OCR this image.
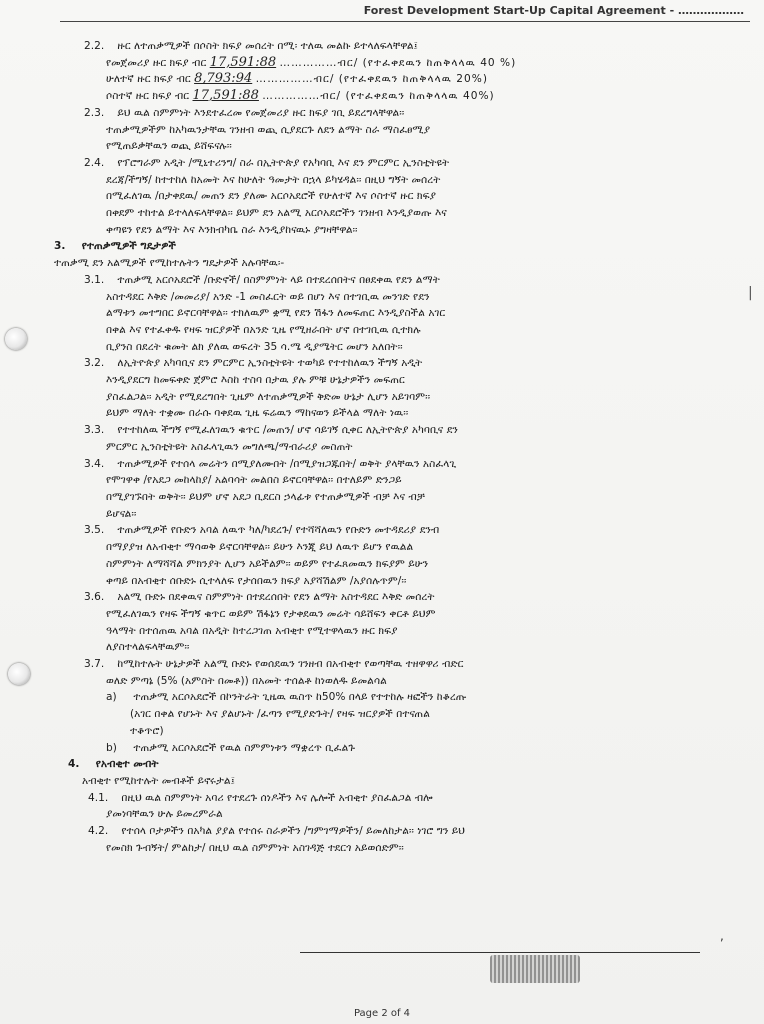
Forest Development Start-Up Capital Agreement - ………………
|
2.2. ዙር ለተጠቃሚዎች በሶስት ክፍያ መሰረት በሚ፡ ተለዉ መልኩ ይተላለፍላቸዋል፤
የመጀመሪያ ዙር ክፍያ ብር 17,591:88 ……………ብር/ (የተፈቀደዉን ከጠቅላላዉ 40 %)
ሁለተኛ ዙር ክፍያ ብር 8,793:94 ……………ብር/ (የተፈቀደዉን ከጠቅላላዉ 20%)
ሶስተኛ ዙር ክፍያ ብር 17,591:88 ……………ብር/ (የተፈቀደዉን ከጠቅላላዉ 40%)
2.3. ይህ ዉል ስምምነት እንደተፈረመ የመጀመሪያ ዙር ክፍያ ገቢ ይደረግላቸዋል፡፡
ተጠቃሚዎችም ከአካዉንታቸዉ ገንዘብ ወጪ ሲያደርጉ ለደን ልማት ስራ ማስፈፀሚያ
የሚጠይቃቸዉን ወጪ ይሸፍናሉ፡፡
2.4. የፕሮግራም አዲት /ሚኒተሪንግ/ ስራ በኢትዮጵያ የአካባቢ እና ደን ምርምር ኢንስቲትዩት
ደረጃ/ችግኝ/ ከተተከለ ከአመት እና ከሁለት ዓመታት በኋላ ይካሄዳል፡፡ በዚህ ግኝት መሰረት
በሚፈለገዉ /በታቀደዉ/ መጠን ደን ያለሙ አርሶአደሮች የሁለተኛ እና ሶስተኛ ዙር ክፍያ
በቀደም ተከተል ይተላለፍላቸዋል፡፡ ይህም ደን አልሚ አርሶአደሮችን ገንዘብ እንዲያወጡ እና
ቀጣዩን የደን ልማት እና እንክብካቤ ስራ እንዲያከናዉኑ ያግዛቸዋል፡፡
3. የተጠቃሚዎች ግዴታዎች
ተጠቃሚ ደን አልሚዎች የሚከተሉትን ግዴታዎች አሉባቸዉ፡-
3.1. ተጠቃሚ አርሶአደሮች /ቡድኖች/ በስምምነት ላይ በተደረሰበትና በፀደቀዉ የደን ልማት
አስተዳደር እቅድ /መመሪያ/ አንድ -1 መስፈርት ወይ በሆነ እና በተገቢዉ መንገድ የደን
ልማቱን መተግበር ይኖርባቸዋል፡፡ ተክለዉም ቋሚ የደን ሽፋን ለመፍጠር እንዲያስችል አገር
በቀል እና የተፈቀዱ የዛፍ ዝርያዎች በአንድ ጊዜ የሚዘራበት ሆኖ በተገቢዉ ሲተክሉ
ቢያንስ በደረት ቁመት ልክ ያለዉ ወፍረት 35 ሳ.ሜ ዲያሜትር መሆን አለበት፡፡
3.2. ለኢትዮጵያ አካባቢና ደን ምርምር ኢንስቲትዩት ተወካይ የተተከለዉን ችግኝ አዲት
እንዲያደርግ ከመፍቀድ ጀምሮ እስከ ተስባ በታዉ ያሉ ምቹ ሁኔታዎችን መፍጠር
ያስፈልጋል፡፡ አዲት የሚደረግበት ጊዜም ለተጠቃሚዎች ቅድመ ሁኔታ ሊሆን አይገባም፡፡
ይህም ማለት ተቋሙ በራሱ ባቀደዉ ጊዜ ፍሬዉን ማከናወን ይችላል ማለት ነዉ፡፡
3.3. የተተከለዉ ችግኝ የሚፈለገዉን ቁጥር /መጠን/ ሆኖ ሳይገኝ ሲቀር ለኢትዮጵያ አካባቢና ደን
ምርምር ኢንስቲትዩት አስፈላጊዉን መግለጫ/ማብራሪያ መስጠት
3.4. ተጠቃሚዎች የተሰላ መሬትን በሚያለሙበት /በሚያዝጋጁበት/ ወቅት ያላቸዉን አስፈላጊ
የሞገዋቀ /የአደጋ መከላከያ/ አልባሳት መልበስ ይኖርባቸዋል፡፡ በተለይም ድንጋይ
በሚያገኙበት ወቅት፡፡ ይህም ሆኖ አደጋ ቢደርስ ኃላፊቱ የተጠቃሚዎች ብቻ እና ብቻ
ይሆናል፡፡
3.5. ተጠቃሚዎች የቡድን አባል ለዉጥ ካለ/ካደረጉ/ የተሻሻለዉን የቡድን መተዳደሪያ ደንብ
በማያያዝ ለአብቂተ ማሳወቅ ይኖርባቸዋል፡፡ ይሁን እንጂ ይህ ለዉጥ ይሆን የዉልል
ስምምነት ለማሻሻል ምክንያት ሊሆን አይችልም፡፡ ወይም የተፈጸመዉን ክፍያም ይሁን
ቀጣይ በአብቂተ ሰቡድኑ ሲተላለፍ የታሰበዉን ክፍያ አያሻሽልም /አያሰሉጥም/፡፡
3.6. አልሚ ቡድኑ በደቀዉና ስምምነት በተደረሰበት የደን ልማት አስተዳደር እቅድ መሰረት
የሚፈለገዉን የዛፍ ችግኝ ቁጥር ወይም ሽፋኔን የታቀደዉን መሬት ሳይሸፍን ቀርቶ ይህም
ዓላማት በተሰጠዉ አባል በአዲት ከተረጋገጠ አብቂተ የሚተዋላዉን ዙር ክፍያ
ለያስተላልፍላቸዉም፡፡
3.7. ከሚከተሉት ሁኔታዎች አልሚ ቡድኑ የወሰደዉን ገንዘብ በአብቂተ የወጣቸዉ ተዘዋዋሪ ብድር
ወለድ ምጣኔ (5% (አምስት በመቶ)) በአመት ተሰልቶ ከነወለዱ ይመልሳል
a) ተጠቃሚ አርሶአደሮች በኮንትራት ጊዜዉ ዉስጥ ከ50% በላይ የተተከሉ ዛፎችን ከቆረጡ
(አገር በቀል የሆኑት እና ያልሆኑት /ፈጣን የሚያድጉት/ የዛፍ ዝርያዎች በተናጠል
ተቆጥሮ)
b) ተጠቃሚ አርሶአደሮች የዉል ስምምነቱን ማቋረጥ ቢፈልጉ
4. የአብቂተ መብት
አብቂተ የሚከተሉት መብቶች ይኖሩታል፤
4.1. በዚህ ዉል ስምምነት አባሪ የተደረጉ ሰነዶችን እና ሌሎች አብቂተ ያስፈልጋል ብሎ
ያመነባቸዉን ሁሉ ይመረምራል
4.2. የተሰላ ቦታዎችን በአካል ያያል የተሰሩ ስራዎችን /ግምገማዎችን/ ይመለከታል፡፡ ነገሮ ግን ይህ
የመስክ ጉብኝት/ ምልከታ/ በዚህ ዉል ስምምነት አስገዳጅ ተደርጎ አይወሰድም፡፡
,
Page 2 of 4
